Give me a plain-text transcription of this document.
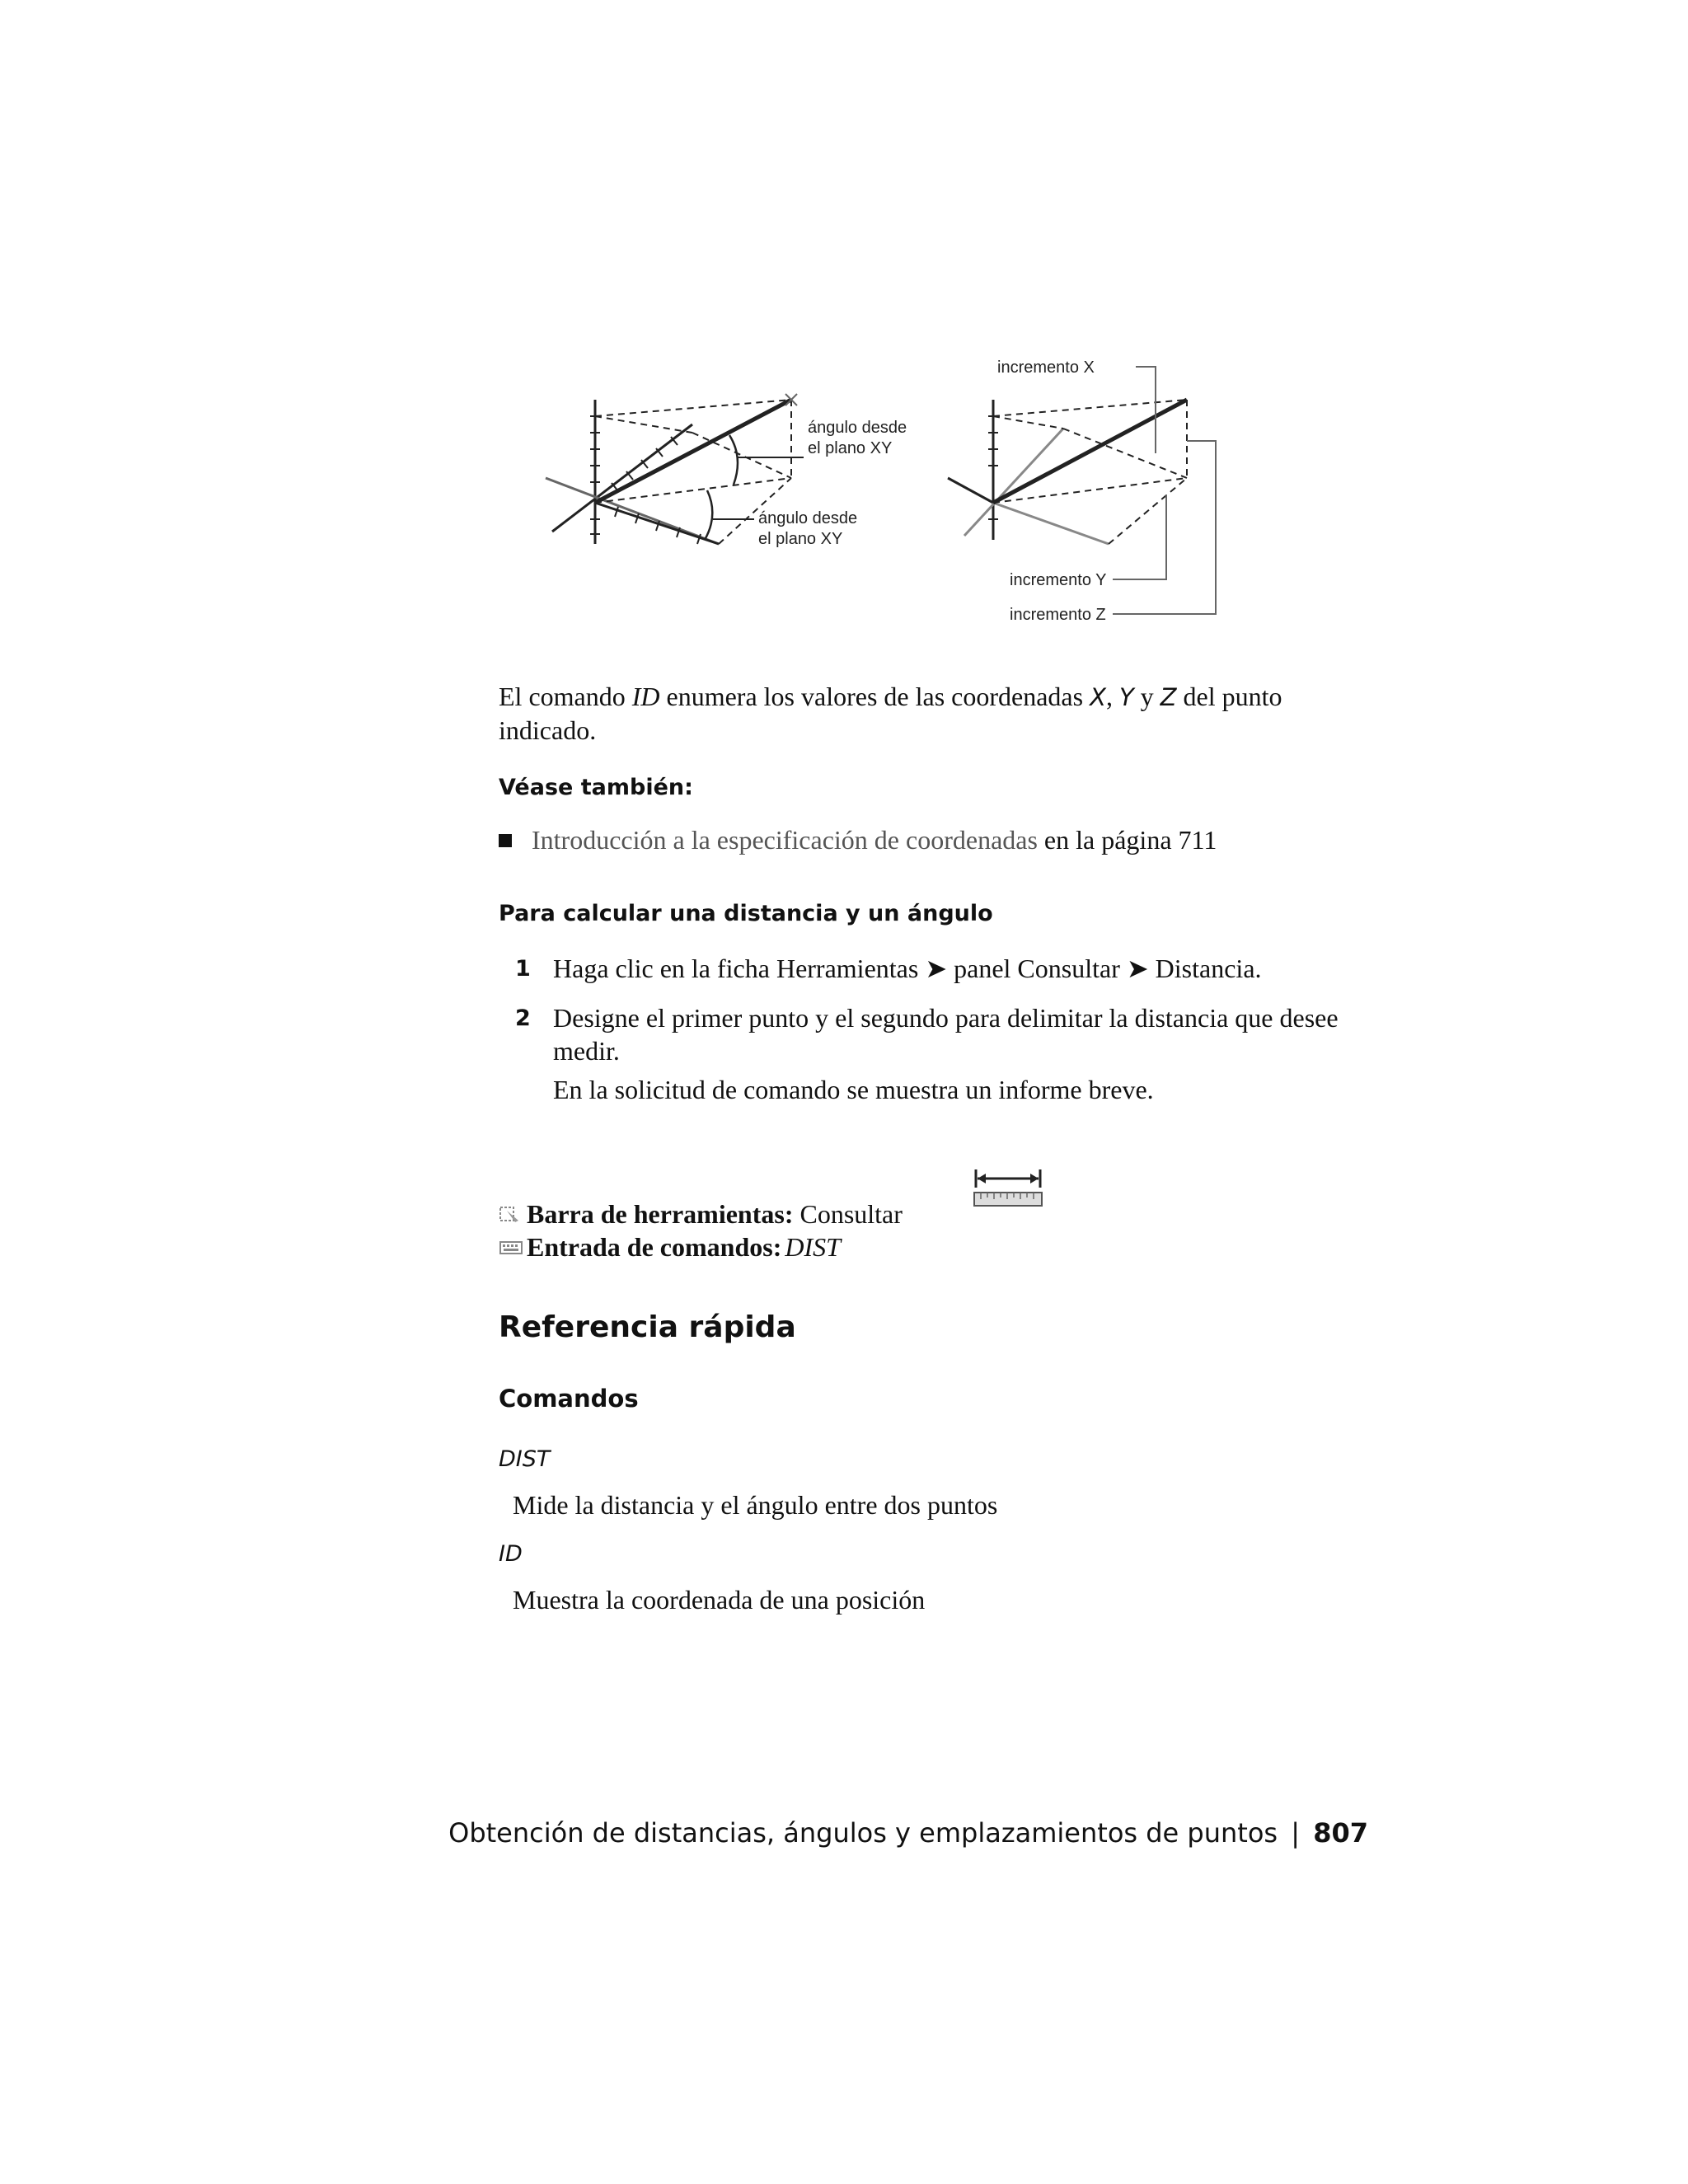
ángulo desde
el plano XY
ángulo desde
el plano XY
incremento X
incremento Y
incremento Z
El comando ID enumera los valores de las coordenadas X, Y y Z del punto
indicado.
Véase también:
Introducción a la especificación de coordenadas en la página 711
Para calcular una distancia y un ángulo
1 Haga clic en la ficha Herramientas ➤ panel Consultar ➤ Distancia.
2 Designe el primer punto y el segundo para delimitar la distancia que desee
medir.
En la solicitud de comando se muestra un informe breve.
Barra de herramientas: Consultar
Entrada de comandos: DIST
Referencia rápida
Comandos
DIST
Mide la distancia y el ángulo entre dos puntos
ID
Muestra la coordenada de una posición
Obtención de distancias, ángulos y emplazamientos de puntos | 807
